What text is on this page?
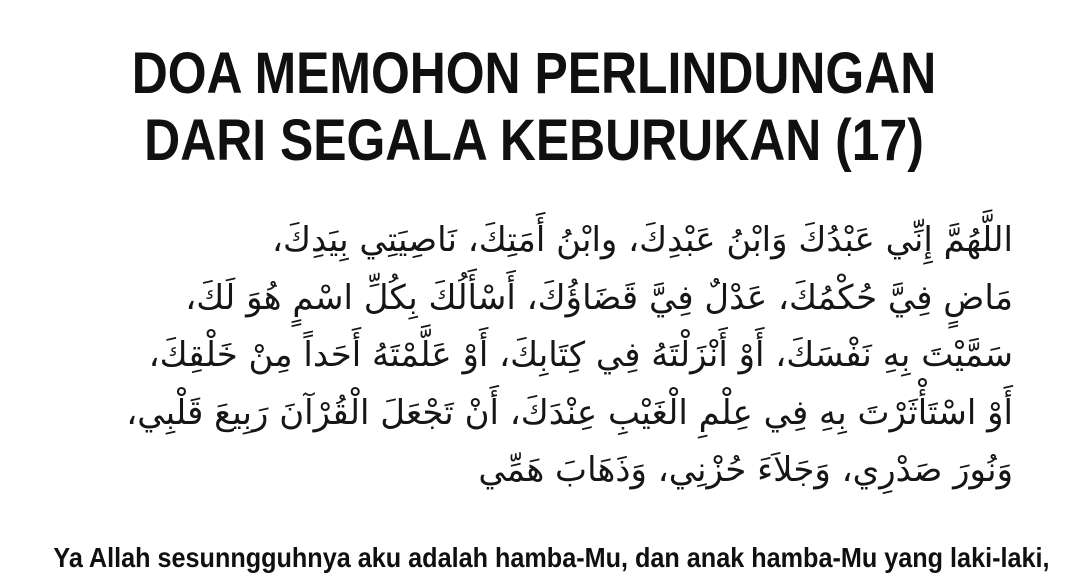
DOA MEMOHON PERLINDUNGAN
DARI SEGALA KEBURUKAN (17)
اللَّهُمَّ إِنِّي عَبْدُكَ وَابْنُ عَبْدِكَ، وابْنُ أَمَتِكَ، نَاصِيَتِي بِيَدِكَ،
مَاضٍ فِيَّ حُكْمُكَ، عَدْلٌ فِيَّ قَضَاؤُكَ، أَسْأَلُكَ بِكُلِّ اسْمٍ هُوَ لَكَ،
سَمَّيْتَ بِهِ نَفْسَكَ، أَوْ أَنْزَلْتَهُ فِي كِتَابِكَ، أَوْ عَلَّمْتَهُ أَحَداً مِنْ خَلْقِكَ،
أَوْ اسْتَأْثَرْتَ بِهِ فِي عِلْمِ الْغَيْبِ عِنْدَكَ، أَنْ تَجْعَلَ الْقُرْآنَ رَبِيعَ قَلْبِي،
وَنُورَ صَدْرِي، وَجَلاَءَ حُزْنِي، وَذَهَابَ هَمِّي
Ya Allah sesunngguhnya aku adalah hamba-Mu, dan anak hamba-Mu yang laki-laki,
